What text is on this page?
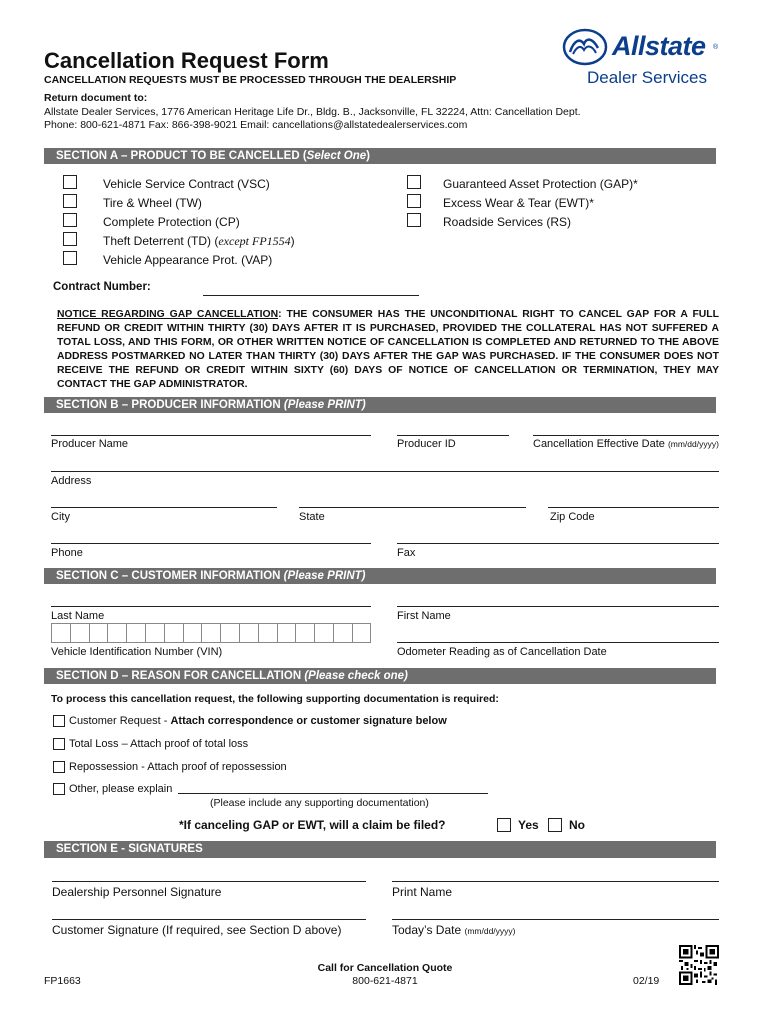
Cancellation Request Form
CANCELLATION REQUESTS MUST BE PROCESSED THROUGH THE DEALERSHIP
Return document to:
Allstate Dealer Services, 1776 American Heritage Life Dr., Bldg. B., Jacksonville, FL 32224, Attn: Cancellation Dept.
Phone: 800-621-4871 Fax: 866-398-9021 Email: cancellations@allstatedealerservices.com
Allstate ®
Dealer Services
SECTION A – PRODUCT TO BE CANCELLED (Select One)
Vehicle Service Contract (VSC)
Tire & Wheel (TW)
Complete Protection (CP)
Theft Deterrent (TD) (except FP1554)
Vehicle Appearance Prot. (VAP)
Guaranteed Asset Protection (GAP)*
Excess Wear & Tear (EWT)*
Roadside Services (RS)
Contract Number:
NOTICE REGARDING GAP CANCELLATION: THE CONSUMER HAS THE UNCONDITIONAL RIGHT TO CANCEL GAP FOR A FULL REFUND OR CREDIT WITHIN THIRTY (30) DAYS AFTER IT IS PURCHASED, PROVIDED THE COLLATERAL HAS NOT SUFFERED A TOTAL LOSS, AND THIS FORM, OR OTHER WRITTEN NOTICE OF CANCELLATION IS COMPLETED AND RETURNED TO THE ABOVE ADDRESS POSTMARKED NO LATER THAN THIRTY (30) DAYS AFTER THE GAP WAS PURCHASED. IF THE CONSUMER DOES NOT RECEIVE THE REFUND OR CREDIT WITHIN SIXTY (60) DAYS OF NOTICE OF CANCELLATION OR TERMINATION, THEY MAY CONTACT THE GAP ADMINISTRATOR.
SECTION B – PRODUCER INFORMATION (Please PRINT)
Producer Name	Producer ID	Cancellation Effective Date (mm/dd/yyyy)
Address
City	State	Zip Code
Phone	Fax
SECTION C – CUSTOMER INFORMATION (Please PRINT)
Last Name	First Name
Vehicle Identification Number (VIN)	Odometer Reading as of Cancellation Date
SECTION D – REASON FOR CANCELLATION (Please check one)
To process this cancellation request, the following supporting documentation is required:
Customer Request - Attach correspondence or customer signature below
Total Loss – Attach proof of total loss
Repossession - Attach proof of repossession
Other, please explain
(Please include any supporting documentation)
*If canceling GAP or EWT, will a claim be filed?	Yes	No
SECTION E - SIGNATURES
Dealership Personnel Signature	Print Name
Customer Signature (If required, see Section D above)	Today’s Date (mm/dd/yyyy)
FP1663
Call for Cancellation Quote
800-621-4871	02/19
